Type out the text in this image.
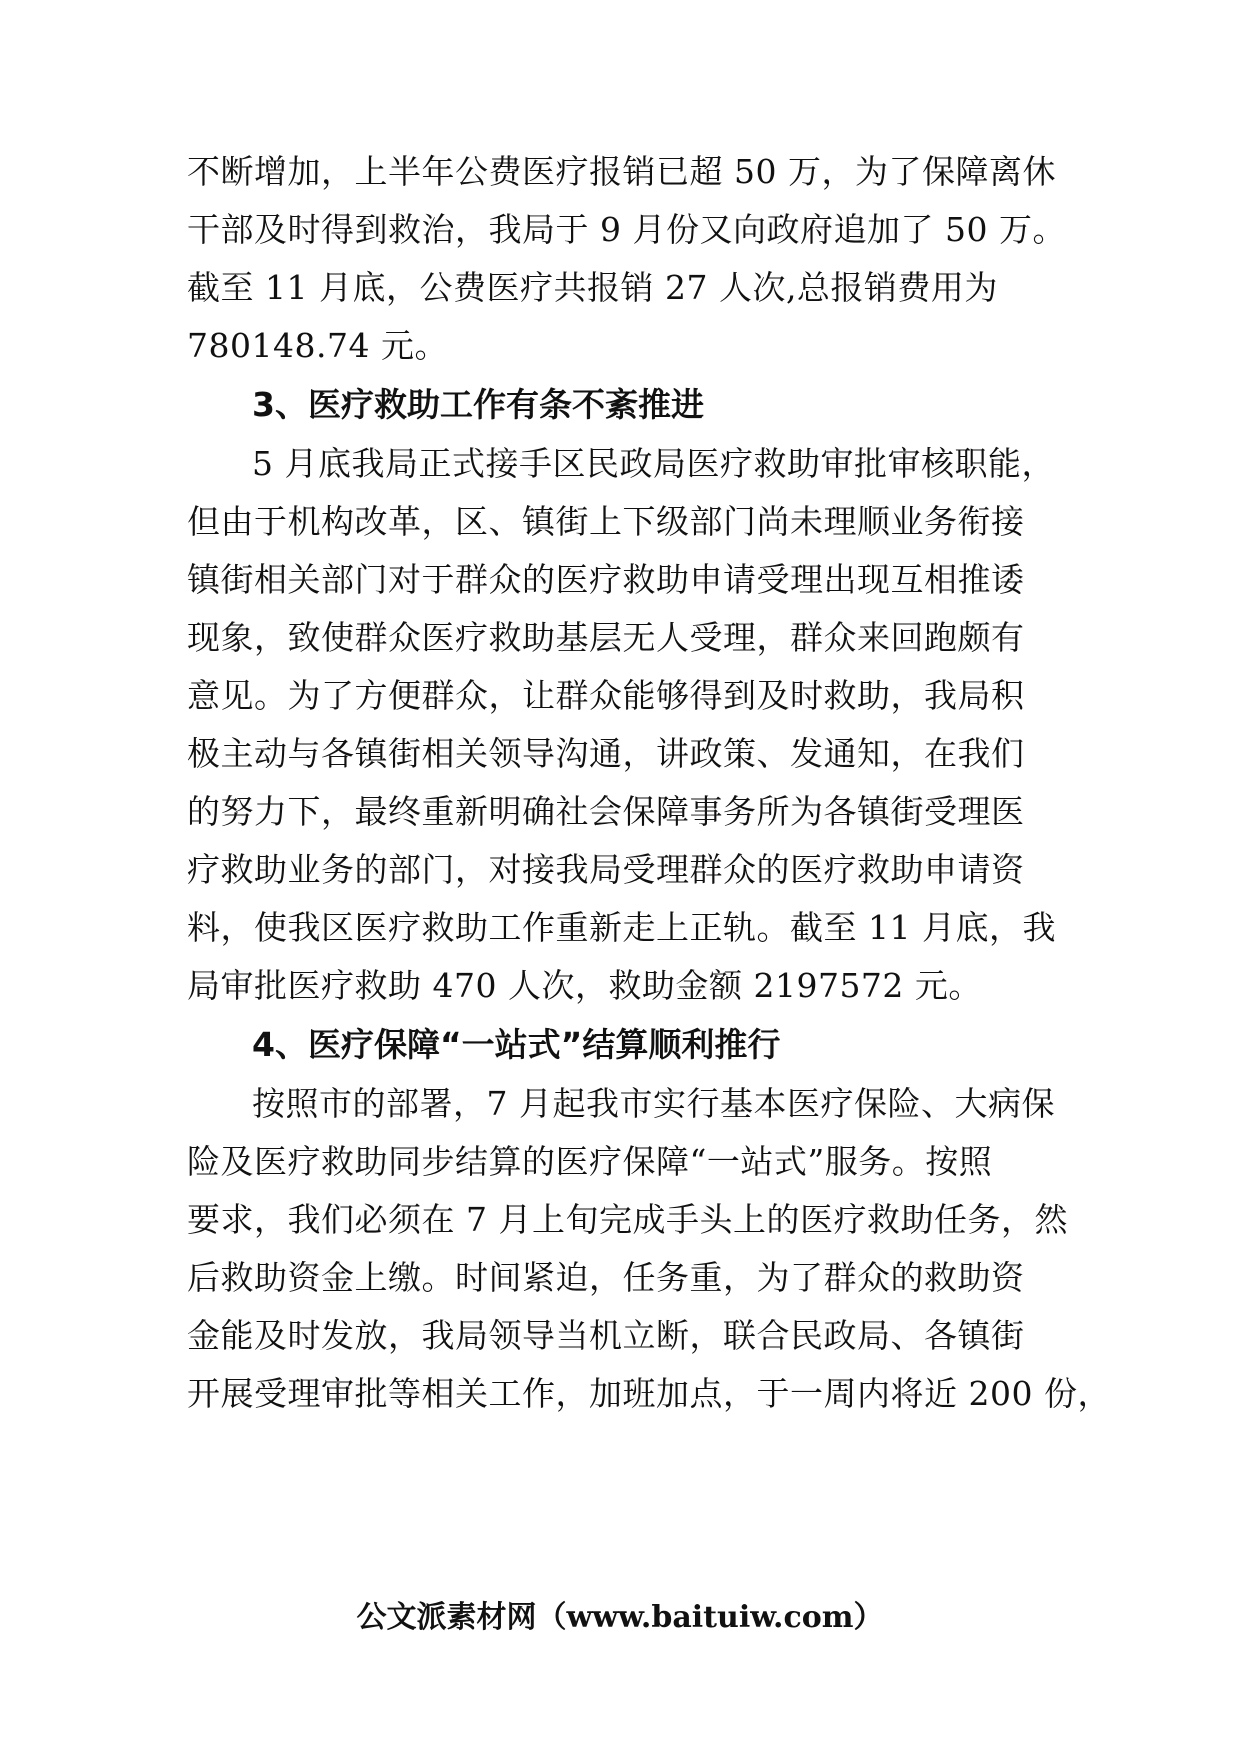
不断增加，上半年公费医疗报销已超 50 万，为了保障离休
干部及时得到救治，我局于 9 月份又向政府追加了 50 万。
截至 11 月底，公费医疗共报销 27 人次,总报销费用为
780148.74 元。
3、医疗救助工作有条不紊推进
5 月底我局正式接手区民政局医疗救助审批审核职能，
但由于机构改革，区、镇街上下级部门尚未理顺业务衔接
镇街相关部门对于群众的医疗救助申请受理出现互相推诿
现象，致使群众医疗救助基层无人受理，群众来回跑颇有
意见。为了方便群众，让群众能够得到及时救助，我局积
极主动与各镇街相关领导沟通，讲政策、发通知，在我们
的努力下，最终重新明确社会保障事务所为各镇街受理医
疗救助业务的部门，对接我局受理群众的医疗救助申请资
料，使我区医疗救助工作重新走上正轨。截至 11 月底，我
局审批医疗救助 470 人次，救助金额 2197572 元。
4、医疗保障“一站式”结算顺利推行
按照市的部署，7 月起我市实行基本医疗保险、大病保
险及医疗救助同步结算的医疗保障“一站式”服务。按照
要求，我们必须在 7 月上旬完成手头上的医疗救助任务，然
后救助资金上缴。时间紧迫，任务重，为了群众的救助资
金能及时发放，我局领导当机立断，联合民政局、各镇街
开展受理审批等相关工作，加班加点，于一周内将近 200 份，
公文派素材网（www.baituiw.com）
